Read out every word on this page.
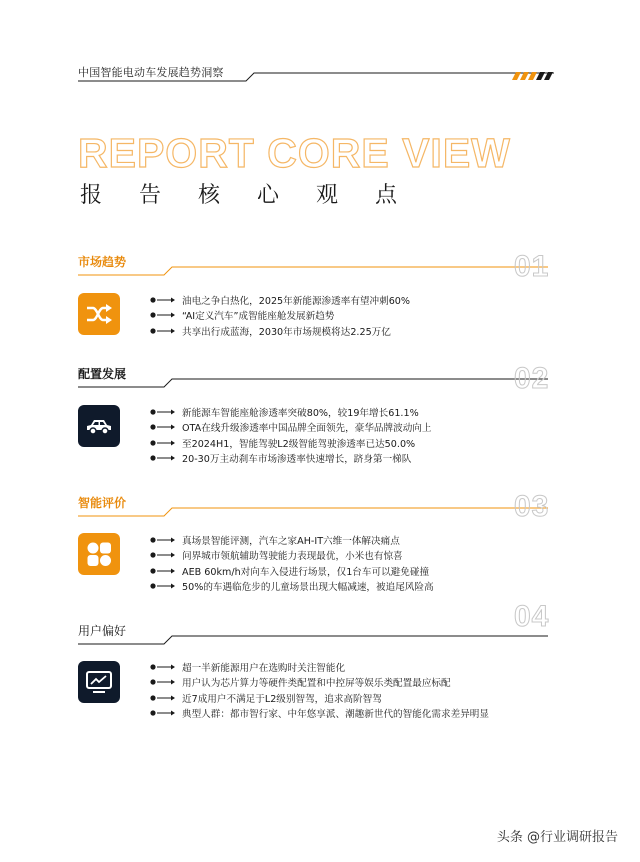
中国智能电动车发展趋势洞察
REPORT CORE VIEW
报告核心观点
市场趋势	01
油电之争白热化，2025年新能源渗透率有望冲刺60%
“AI定义汽车”成智能座舱发展新趋势
共享出行成蓝海，2030年市场规模将达2.25万亿
配置发展	02
新能源车智能座舱渗透率突破80%，较19年增长61.1%
OTA在线升级渗透率中国品牌全面领先，豪华品牌波动向上
至2024H1，智能驾驶L2级智能驾驶渗透率已达50.0%
20-30万主动刹车市场渗透率快速增长，跻身第一梯队
智能评价	03
真场景智能评测，汽车之家AH-IT六维一体解决痛点
问界城市领航辅助驾驶能力表现最优，小米也有惊喜
AEB 60km/h对向车入侵进行场景，仅1台车可以避免碰撞
50%的车遇临危步的儿童场景出现大幅减速，被追尾风险高
用户偏好	04
超一半新能源用户在选购时关注智能化
用户认为芯片算力等硬件类配置和中控屏等娱乐类配置最应标配
近7成用户不满足于L2级别智驾，追求高阶智驾
典型人群：都市智行家、中年悠享派、潮趣新世代的智能化需求差异明显
头条 @行业调研报告
